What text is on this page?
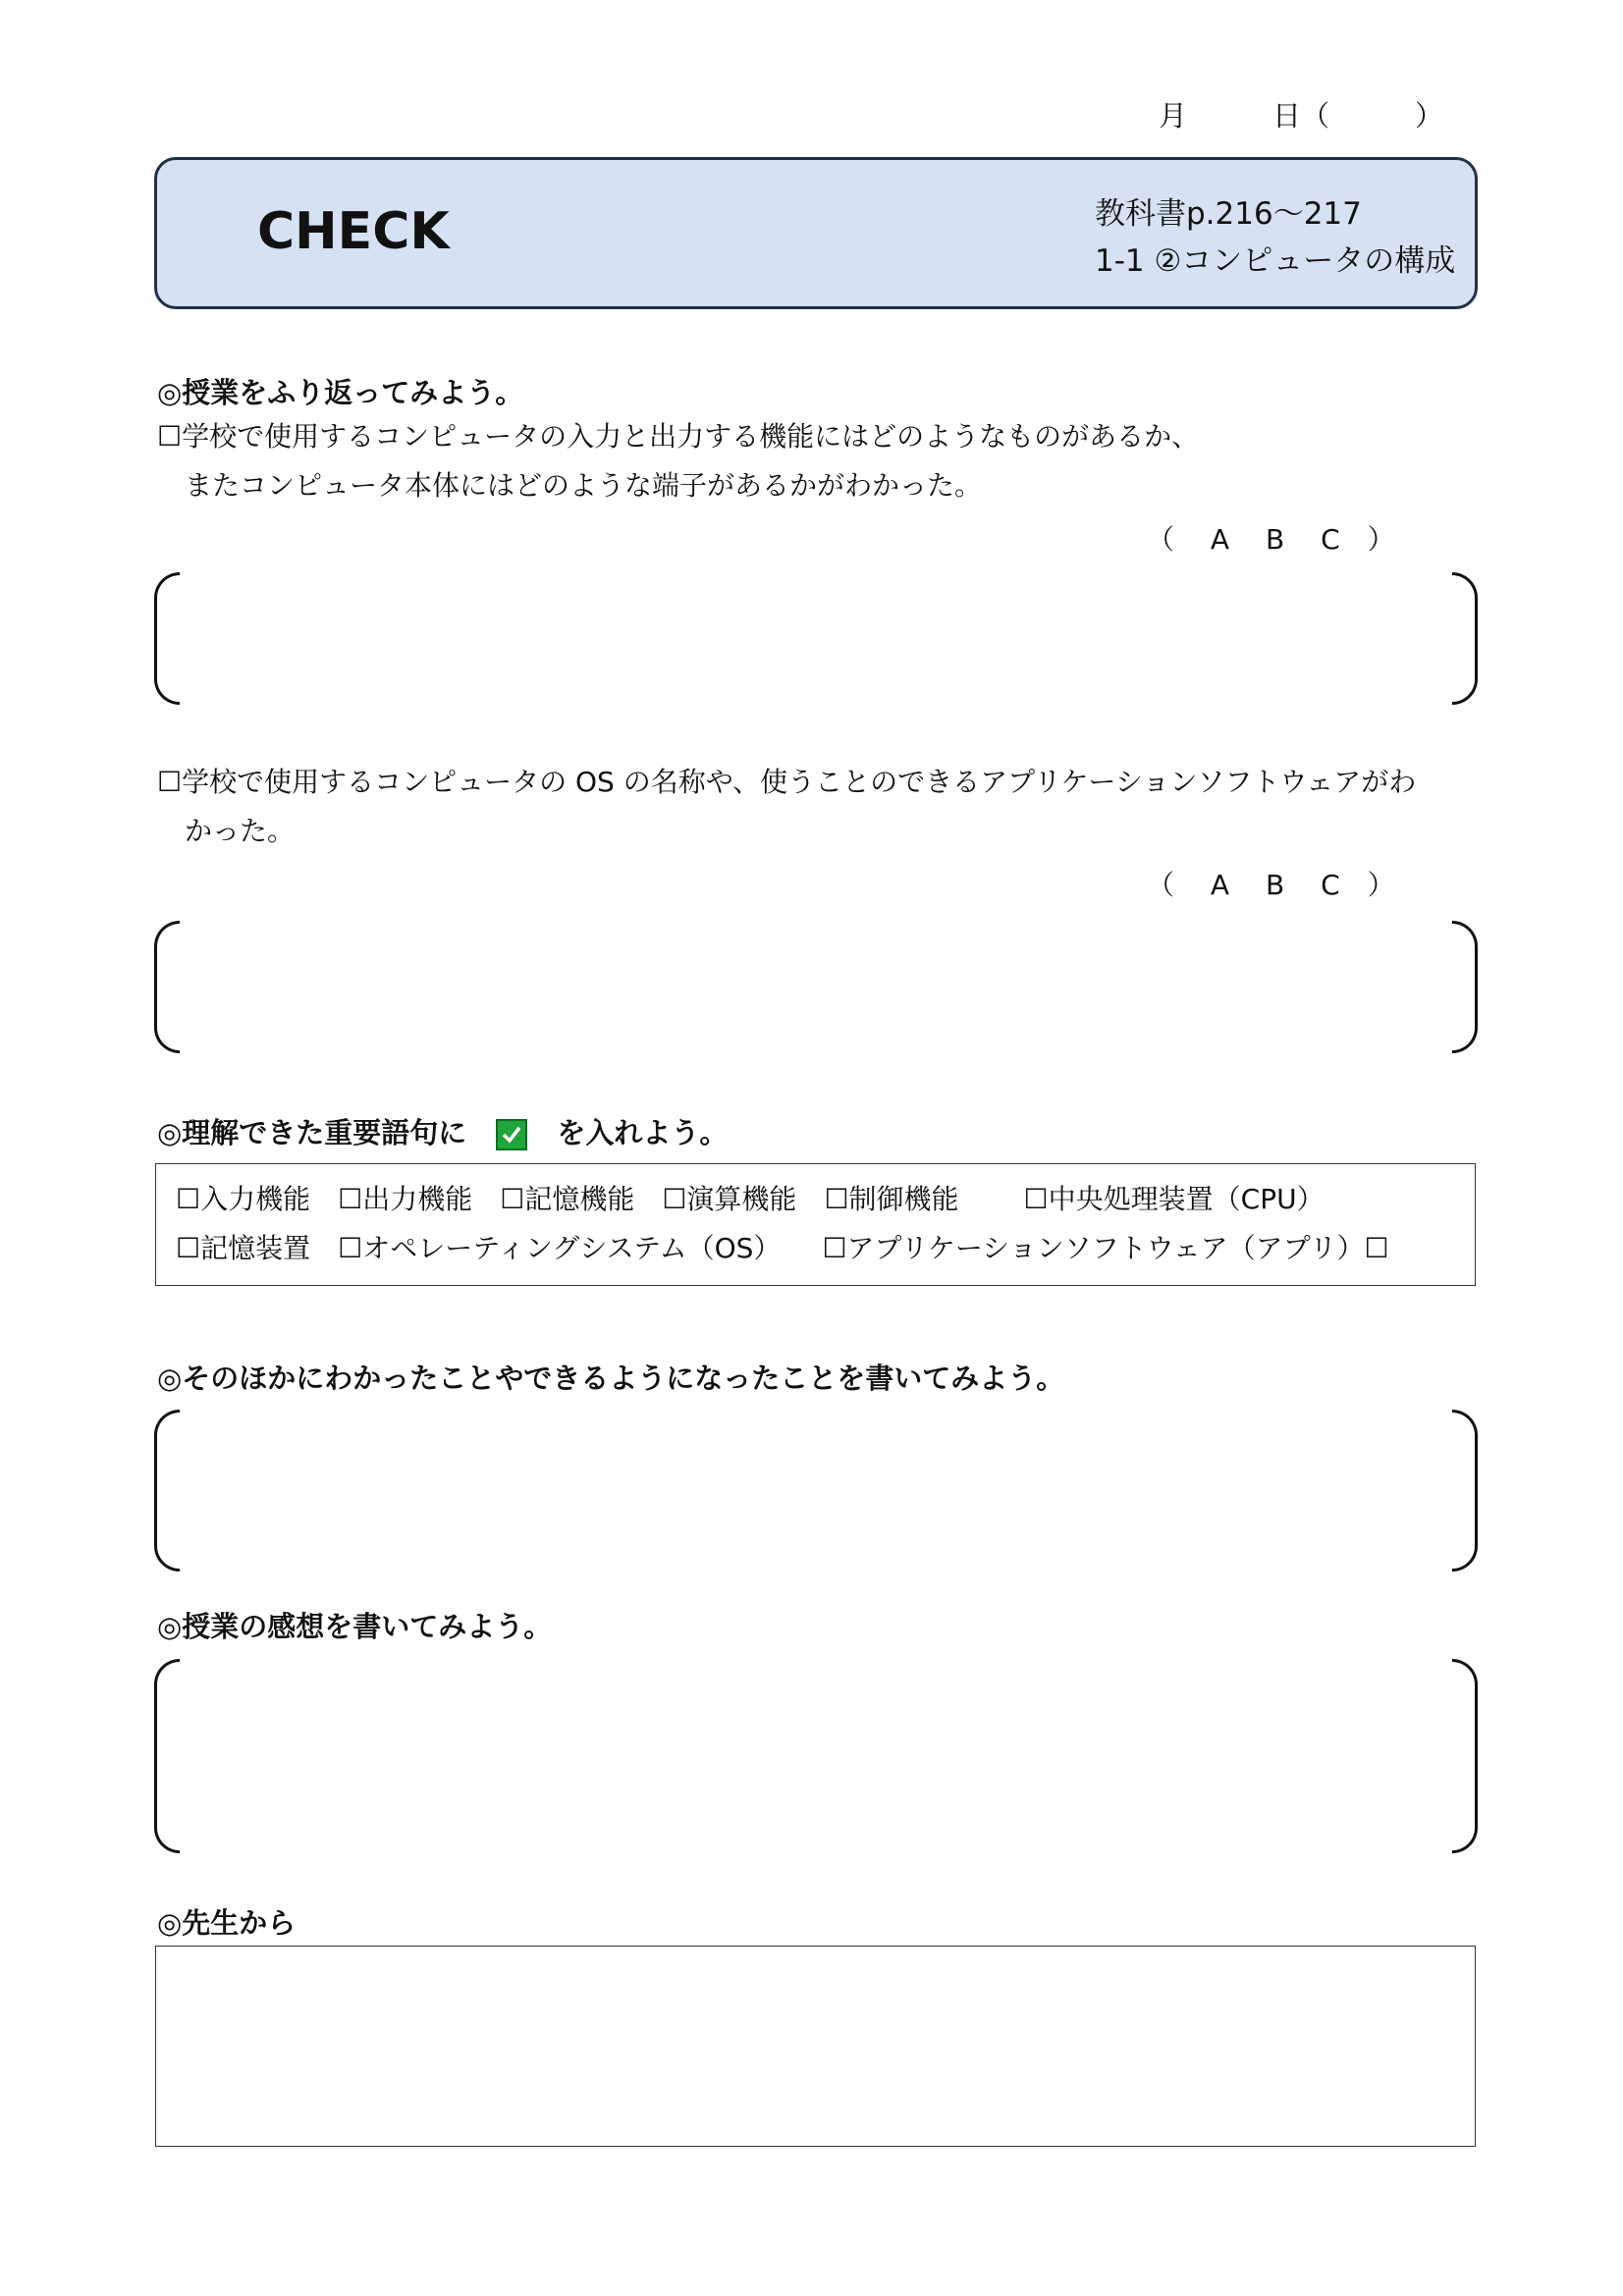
月　　　日（　　　）
CHECK	教科書p.216～217
1-1 ②コンピュータの構成
◎授業をふり返ってみよう。
☐学校で使用するコンピュータの入力と出力する機能にはどのようなものがあるか、
またコンピュータ本体にはどのような端子があるかがわかった。
（　 A　 B　 C　）
☐学校で使用するコンピュータの OS の名称や、使うことのできるアプリケーションソフトウェアがわ
かった。
（　 A　 B　 C　）
◎理解できた重要語句に	を入れよう。
☐入力機能 ☐出力機能 ☐記憶機能 ☐演算機能 ☐制御機能 ☐中央処理装置（CPU）
☐記憶装置 ☐オペレーティングシステム（OS） ☐アプリケーションソフトウェア（アプリ）☐
◎そのほかにわかったことやできるようになったことを書いてみよう。
◎授業の感想を書いてみよう。
◎先生から
